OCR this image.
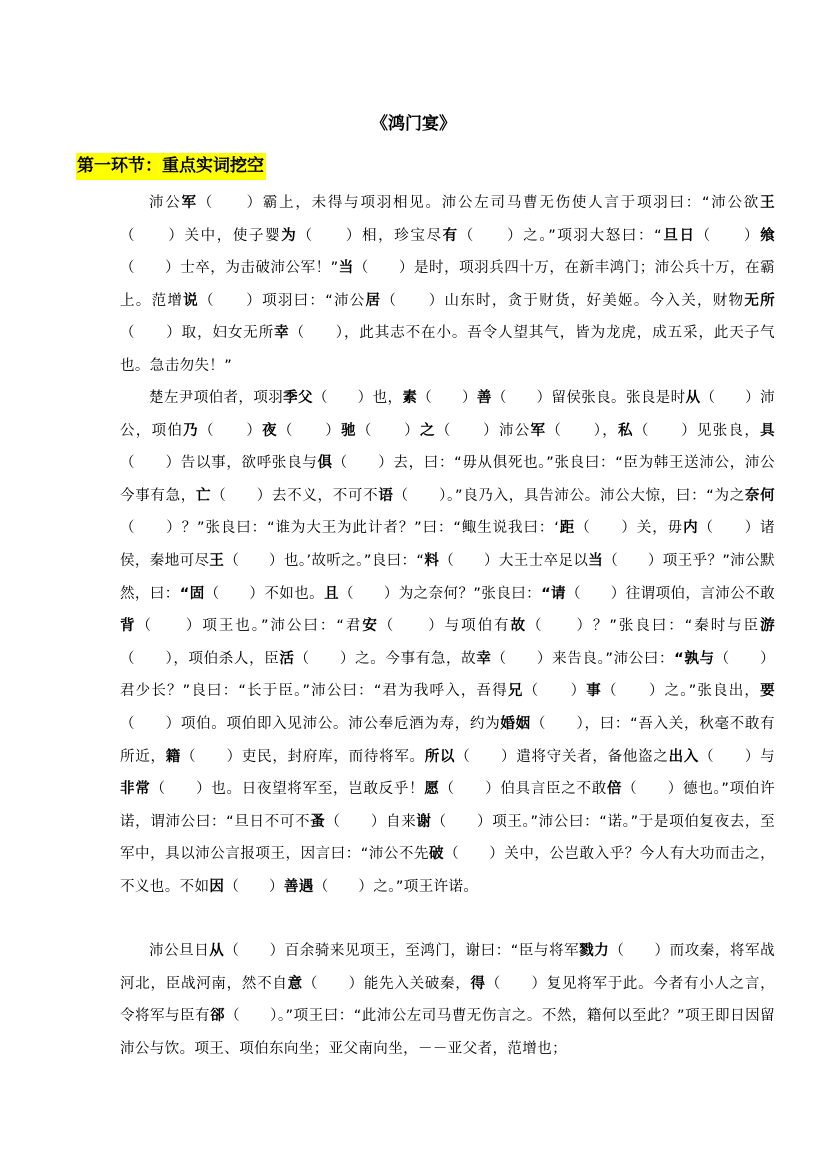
《鸿门宴》
第一环节：重点实词挖空

沛公军（　　）霸上，未得与项羽相见。沛公左司马曹无伤使人言于项羽曰：“沛公欲王（　　）关中，使子婴为（　　）相，珍宝尽有（　　）之。”项羽大怒曰：“旦日（　　）飨（　　）士卒，为击破沛公军！”当（　　）是时，项羽兵四十万，在新丰鸿门；沛公兵十万，在霸上。范增说（　　）项羽曰：“沛公居（　　）山东时，贪于财货，好美姬。今入关，财物无所（　　）取，妇女无所幸（　　），此其志不在小。吾令人望其气，皆为龙虎，成五采，此天子气也。急击勿失！”

楚左尹项伯者，项羽季父（　　）也，素（　　）善（　　）留侯张良。张良是时从（　　）沛公，项伯乃（　　）夜（　　）驰（　　）之（　　）沛公军（　　），私（　　）见张良，具（　　）告以事，欲呼张良与俱（　　）去，曰：“毋从俱死也。”张良曰：“臣为韩王送沛公，沛公今事有急，亡（　　）去不义，不可不语（　　）。”良乃入，具告沛公。沛公大惊，曰：“为之奈何（　　）？”张良曰：“谁为大王为此计者？”曰：“鲰生说我曰：‘距（　　）关，毋内（　　）诸侯，秦地可尽王（　　）也。’故听之。”良曰：“料（　　）大王士卒足以当（　　）项王乎？”沛公默然，曰：“固（　　）不如也。且（　　）为之奈何？”张良曰：“请（　　）往谓项伯，言沛公不敢背（　　）项王也。”沛公曰：“君安（　　）与项伯有故（　　）？”张良曰：“秦时与臣游（　　），项伯杀人，臣活（　　）之。今事有急，故幸（　　）来告良。”沛公曰：“孰与（　　）君少长？”良曰：“长于臣。”沛公曰：“君为我呼入，吾得兄（　　）事（　　）之。”张良出，要（　　）项伯。项伯即入见沛公。沛公奉卮酒为寿，约为婚姻（　　），曰：“吾入关，秋毫不敢有所近，籍（　　）吏民，封府库，而待将军。所以（　　）遣将守关者，备他盗之出入（　　）与非常（　　）也。日夜望将军至，岂敢反乎！愿（　　）伯具言臣之不敢倍（　　）德也。”项伯许诺，谓沛公曰：“旦日不可不蚤（　　）自来谢（　　）项王。”沛公曰：“诺。”于是项伯复夜去，至军中，具以沛公言报项王，因言曰：“沛公不先破（　　）关中，公岂敢入乎？今人有大功而击之，不义也。不如因（　　）善遇（　　）之。”项王许诺。

沛公旦日从（　　）百余骑来见项王，至鸿门，谢曰：“臣与将军戮力（　　）而攻秦，将军战河北，臣战河南，然不自意（　　）能先入关破秦，得（　　）复见将军于此。今者有小人之言，令将军与臣有郤（　　）。”项王曰：“此沛公左司马曹无伤言之。不然，籍何以至此？”项王即日因留沛公与饮。项王、项伯东向坐；亚父南向坐，－－亚父者，范增也；
